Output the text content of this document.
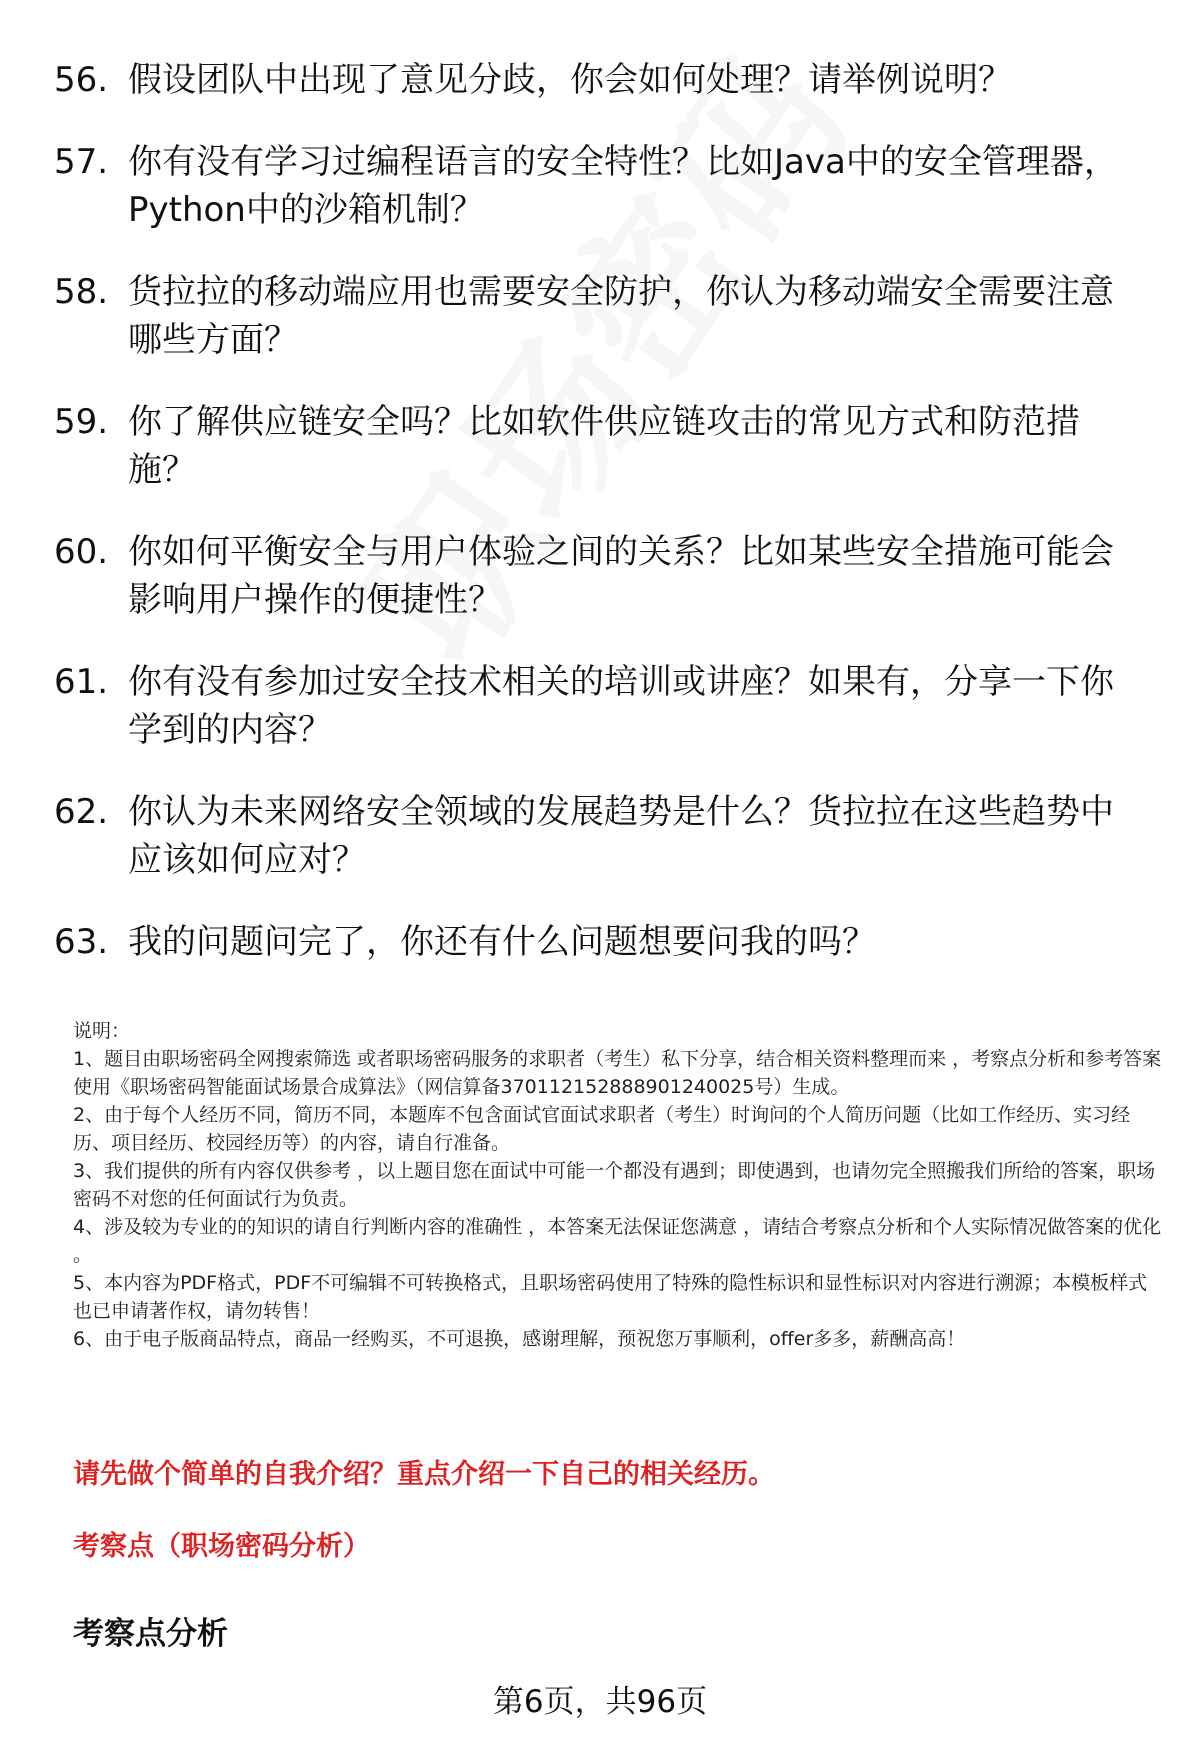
56. 假设团队中出现了意见分歧，你会如何处理？请举例说明？
57. 你有没有学习过编程语言的安全特性？比如Java中的安全管理器，Python中的沙箱机制？
58. 货拉拉的移动端应用也需要安全防护，你认为移动端安全需要注意哪些方面？
59. 你了解供应链安全吗？比如软件供应链攻击的常见方式和防范措施？
60. 你如何平衡安全与用户体验之间的关系？比如某些安全措施可能会影响用户操作的便捷性？
61. 你有没有参加过安全技术相关的培训或讲座？如果有，分享一下你学到的内容？
62. 你认为未来网络安全领域的发展趋势是什么？货拉拉在这些趋势中应该如何应对？
63. 我的问题问完了，你还有什么问题想要问我的吗？

说明：

1、题目由职场密码全网搜索筛选 或者职场密码服务的求职者（考生）私下分享，结合相关资料整理而来 ，考察点分析和参考答案使用《职场密码智能面试场景合成算法》（网信算备370112152888901240025号）生成。

2、由于每个人经历不同，简历不同，本题库不包含面试官面试求职者（考生）时询问的个人简历问题（比如工作经历、实习经历、项目经历、校园经历等）的内容，请自行准备。

3、我们提供的所有内容仅供参考 ，以上题目您在面试中可能一个都没有遇到；即使遇到，也请勿完全照搬我们所给的答案，职场密码不对您的任何面试行为负责。

4、涉及较为专业的的知识的请自行判断内容的准确性 ，本答案无法保证您满意 ，请结合考察点分析和个人实际情况做答案的优化 。

5、本内容为PDF格式，PDF不可编辑不可转换格式，且职场密码使用了特殊的隐性标识和显性标识对内容进行溯源；本模板样式也已申请著作权，请勿转售！

6、由于电子版商品特点，商品一经购买，不可退换，感谢理解，预祝您万事顺利，offer多多，薪酬高高！

请先做个简单的自我介绍？重点介绍一下自己的相关经历。
考察点（职场密码分析）
考察点分析
第6页，共96页
